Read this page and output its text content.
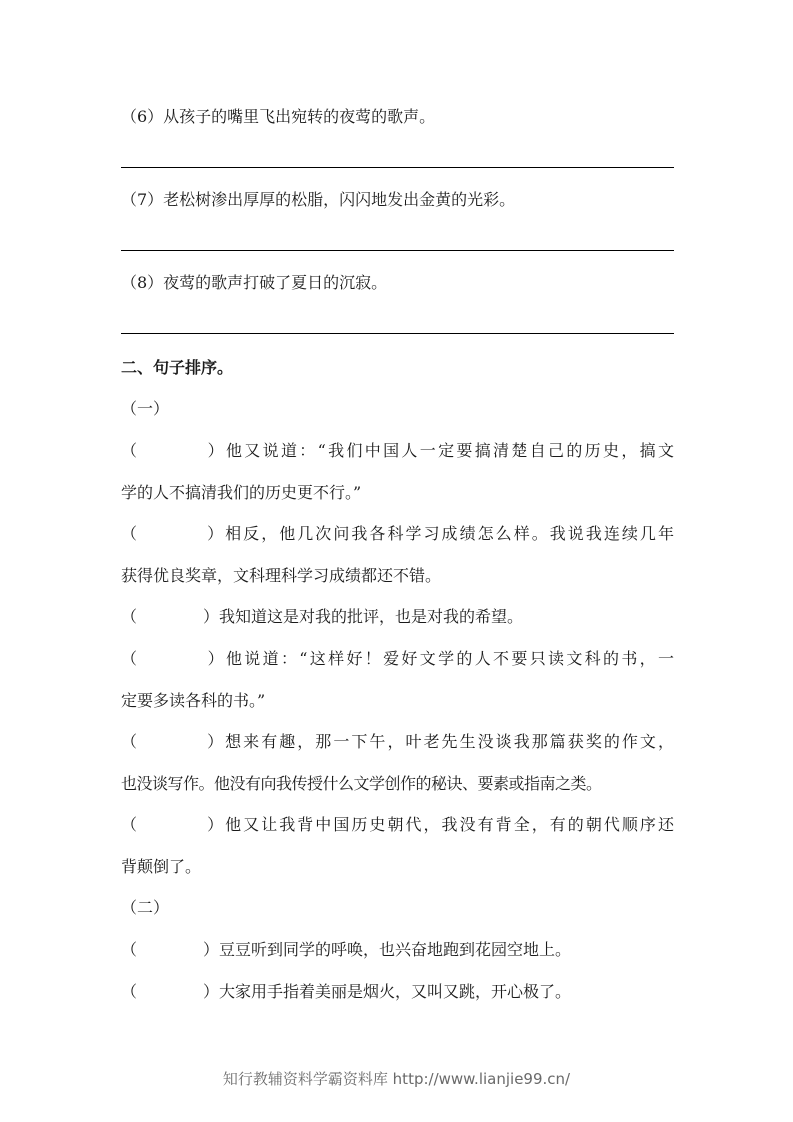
（6）从孩子的嘴里飞出宛转的夜莺的歌声。
（7）老松树渗出厚厚的松脂，闪闪地发出金黄的光彩。
（8）夜莺的歌声打破了夏日的沉寂。
二、句子排序。
（一）
（	）他又说道：“我们中国人一定要搞清楚自己的历史，搞文
学的人不搞清我们的历史更不行。”
（	）相反，他几次问我各科学习成绩怎么样。我说我连续几年
获得优良奖章，文科理科学习成绩都还不错。
（	）我知道这是对我的批评，也是对我的希望。
（	）他说道：“这样好！爱好文学的人不要只读文科的书，一
定要多读各科的书。”
（	）想来有趣，那一下午，叶老先生没谈我那篇获奖的作文，
也没谈写作。他没有向我传授什么文学创作的秘诀、要素或指南之类。
（	）他又让我背中国历史朝代，我没有背全，有的朝代顺序还
背颠倒了。
（二）
（	）豆豆听到同学的呼唤，也兴奋地跑到花园空地上。
（	）大家用手指着美丽是烟火，又叫又跳，开心极了。
知行教辅资料学霸资料库 http://www.lianjie99.cn/
